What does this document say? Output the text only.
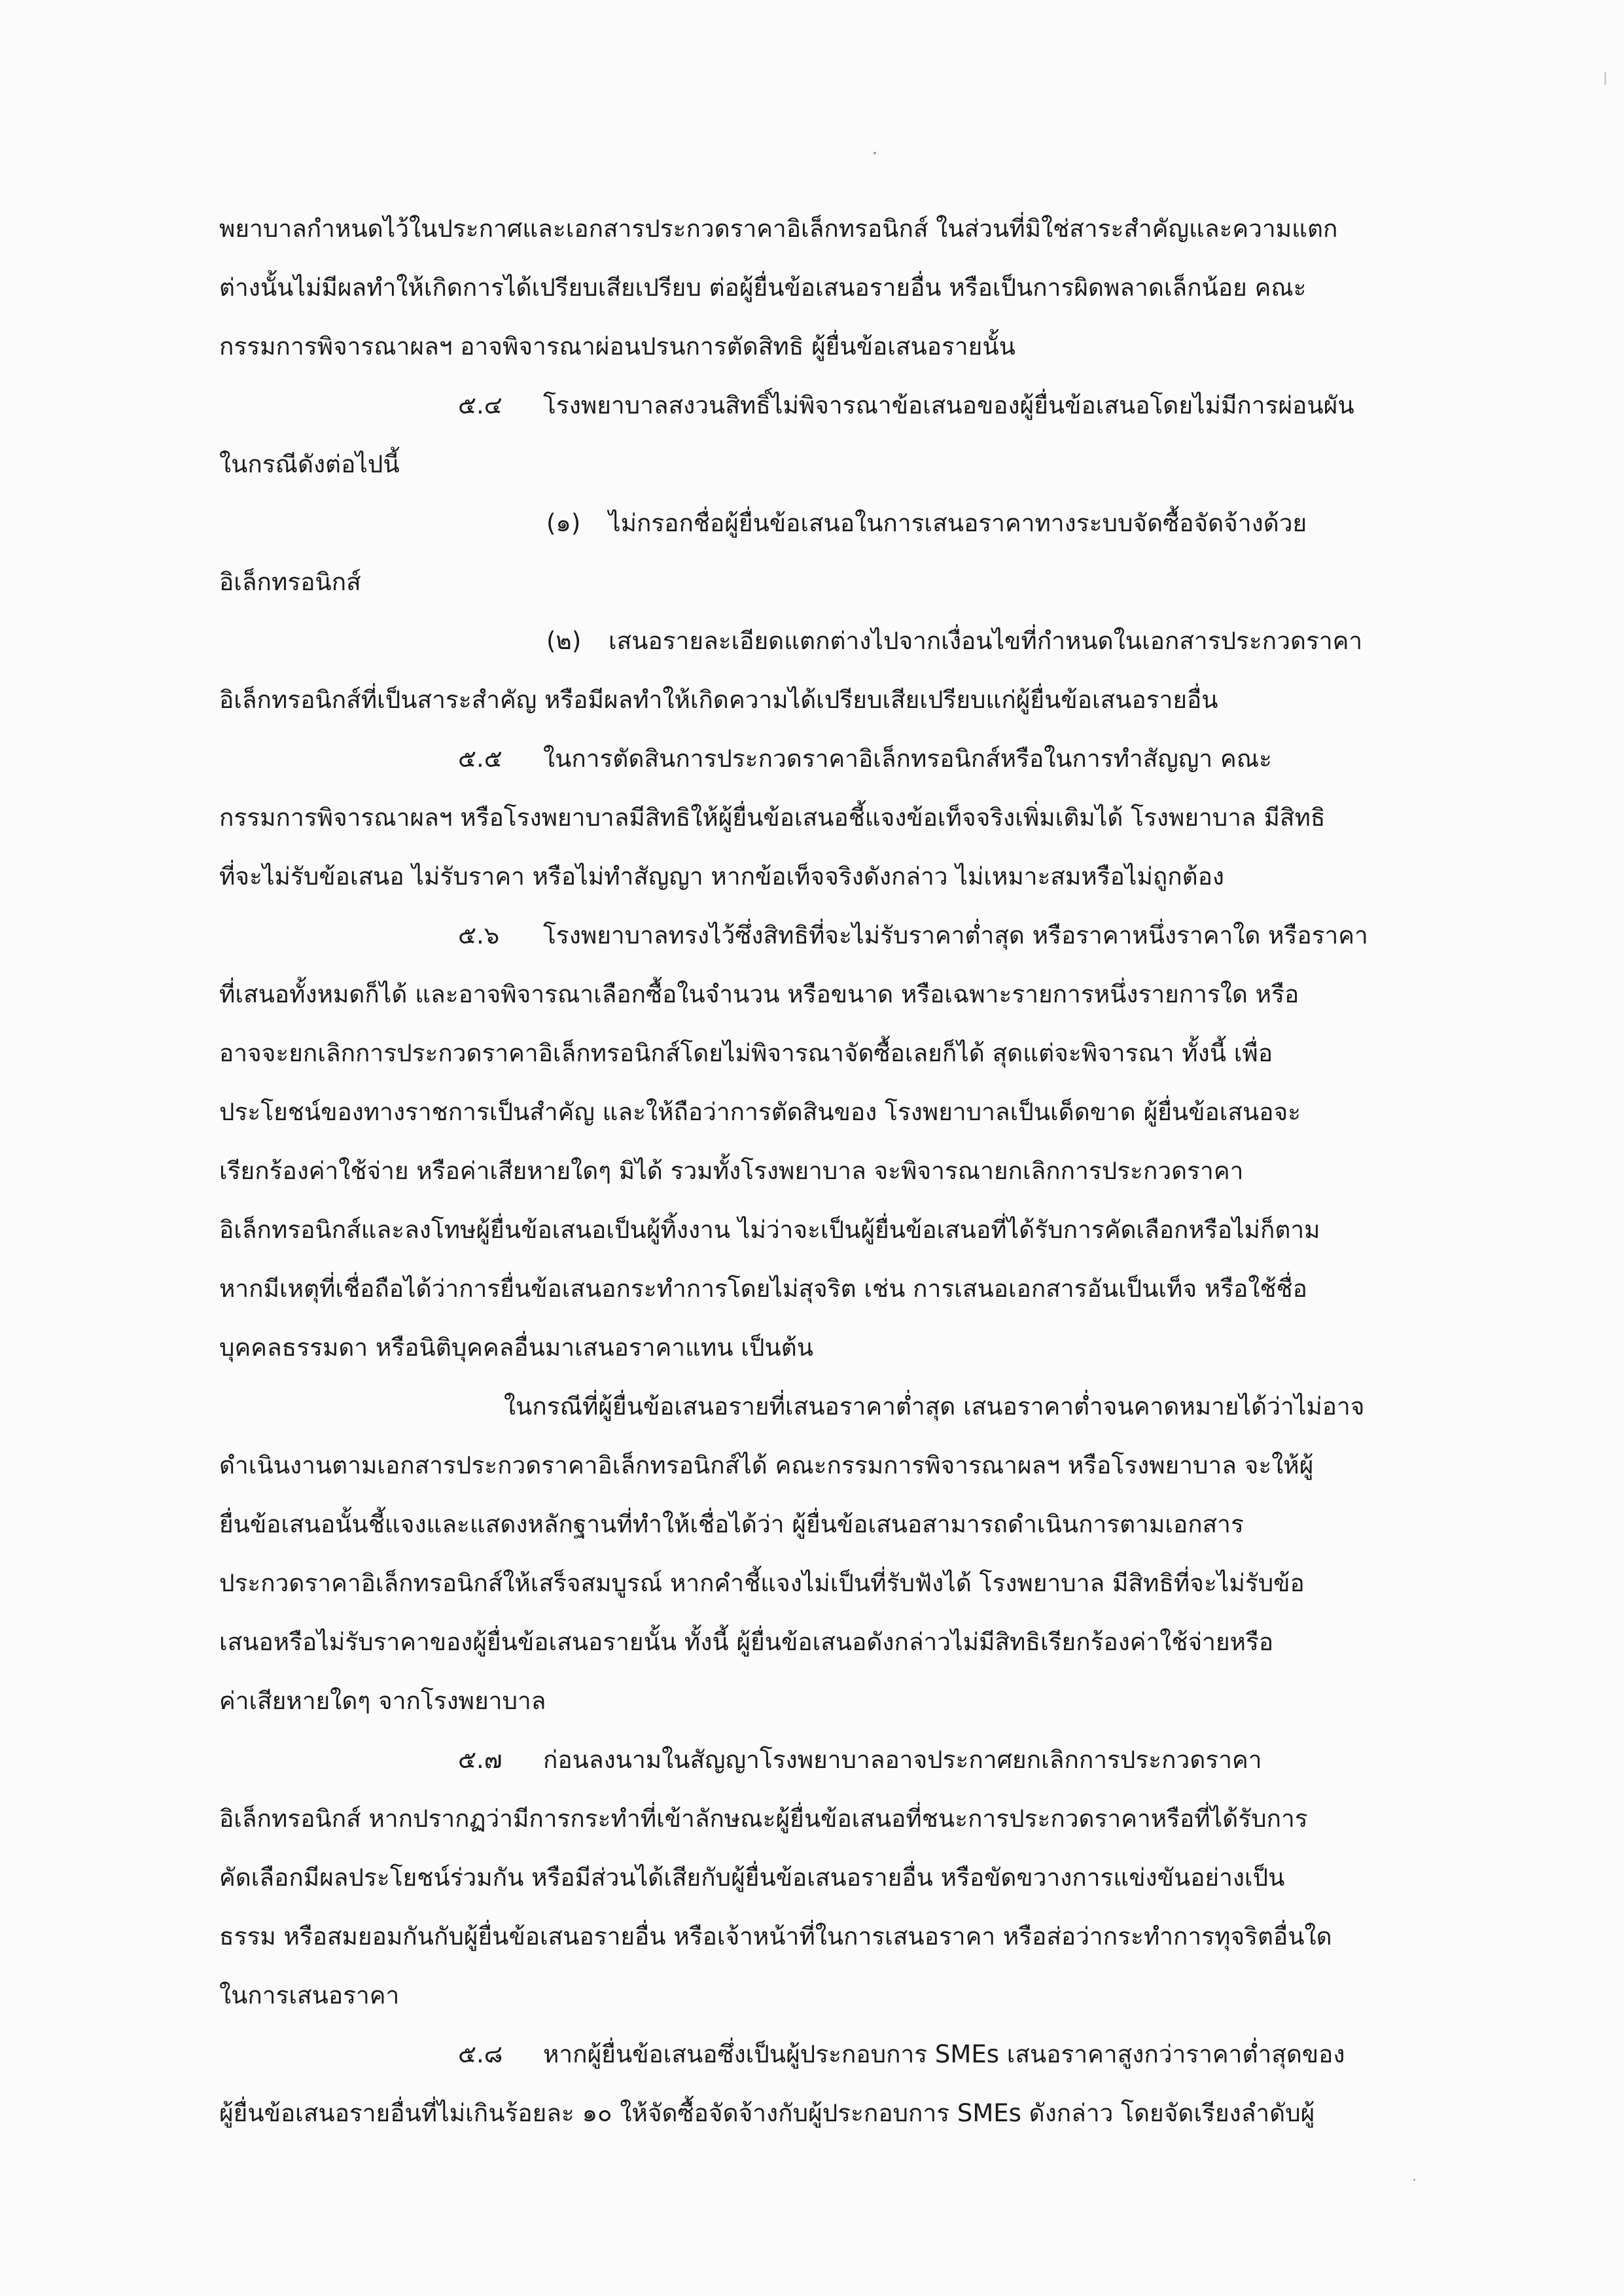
พยาบาลกำหนดไว้ในประกาศและเอกสารประกวดราคาอิเล็กทรอนิกส์ ในส่วนที่มิใช่สาระสำคัญและความแตก
ต่างนั้นไม่มีผลทำให้เกิดการได้เปรียบเสียเปรียบ ต่อผู้ยื่นข้อเสนอรายอื่น หรือเป็นการผิดพลาดเล็กน้อย คณะ
กรรมการพิจารณาผลฯ อาจพิจารณาผ่อนปรนการตัดสิทธิ ผู้ยื่นข้อเสนอรายนั้น
๕.๔ โรงพยาบาลสงวนสิทธิ์ไม่พิจารณาข้อเสนอของผู้ยื่นข้อเสนอโดยไม่มีการผ่อนผัน
ในกรณีดังต่อไปนี้
(๑) ไม่กรอกชื่อผู้ยื่นข้อเสนอในการเสนอราคาทางระบบจัดซื้อจัดจ้างด้วย
อิเล็กทรอนิกส์
(๒) เสนอรายละเอียดแตกต่างไปจากเงื่อนไขที่กำหนดในเอกสารประกวดราคา
อิเล็กทรอนิกส์ที่เป็นสาระสำคัญ หรือมีผลทำให้เกิดความได้เปรียบเสียเปรียบแก่ผู้ยื่นข้อเสนอรายอื่น
๕.๕ ในการตัดสินการประกวดราคาอิเล็กทรอนิกส์หรือในการทำสัญญา คณะ
กรรมการพิจารณาผลฯ หรือโรงพยาบาลมีสิทธิให้ผู้ยื่นข้อเสนอชี้แจงข้อเท็จจริงเพิ่มเติมได้ โรงพยาบาล มีสิทธิ
ที่จะไม่รับข้อเสนอ ไม่รับราคา หรือไม่ทำสัญญา หากข้อเท็จจริงดังกล่าว ไม่เหมาะสมหรือไม่ถูกต้อง
๕.๖ โรงพยาบาลทรงไว้ซึ่งสิทธิที่จะไม่รับราคาต่ำสุด หรือราคาหนึ่งราคาใด หรือราคา
ที่เสนอทั้งหมดก็ได้ และอาจพิจารณาเลือกซื้อในจำนวน หรือขนาด หรือเฉพาะรายการหนึ่งรายการใด หรือ
อาจจะยกเลิกการประกวดราคาอิเล็กทรอนิกส์โดยไม่พิจารณาจัดซื้อเลยก็ได้ สุดแต่จะพิจารณา ทั้งนี้ เพื่อ
ประโยชน์ของทางราชการเป็นสำคัญ และให้ถือว่าการตัดสินของ โรงพยาบาลเป็นเด็ดขาด ผู้ยื่นข้อเสนอจะ
เรียกร้องค่าใช้จ่าย หรือค่าเสียหายใดๆ มิได้ รวมทั้งโรงพยาบาล จะพิจารณายกเลิกการประกวดราคา
อิเล็กทรอนิกส์และลงโทษผู้ยื่นข้อเสนอเป็นผู้ทิ้งงาน ไม่ว่าจะเป็นผู้ยื่นข้อเสนอที่ได้รับการคัดเลือกหรือไม่ก็ตาม
หากมีเหตุที่เชื่อถือได้ว่าการยื่นข้อเสนอกระทำการโดยไม่สุจริต เช่น การเสนอเอกสารอันเป็นเท็จ หรือใช้ชื่อ
บุคคลธรรมดา หรือนิติบุคคลอื่นมาเสนอราคาแทน เป็นต้น
ในกรณีที่ผู้ยื่นข้อเสนอรายที่เสนอราคาต่ำสุด เสนอราคาต่ำจนคาดหมายได้ว่าไม่อาจ
ดำเนินงานตามเอกสารประกวดราคาอิเล็กทรอนิกส์ได้ คณะกรรมการพิจารณาผลฯ หรือโรงพยาบาล จะให้ผู้
ยื่นข้อเสนอนั้นชี้แจงและแสดงหลักฐานที่ทำให้เชื่อได้ว่า ผู้ยื่นข้อเสนอสามารถดำเนินการตามเอกสาร
ประกวดราคาอิเล็กทรอนิกส์ให้เสร็จสมบูรณ์ หากคำชี้แจงไม่เป็นที่รับฟังได้ โรงพยาบาล มีสิทธิที่จะไม่รับข้อ
เสนอหรือไม่รับราคาของผู้ยื่นข้อเสนอรายนั้น ทั้งนี้ ผู้ยื่นข้อเสนอดังกล่าวไม่มีสิทธิเรียกร้องค่าใช้จ่ายหรือ
ค่าเสียหายใดๆ จากโรงพยาบาล
๕.๗ ก่อนลงนามในสัญญาโรงพยาบาลอาจประกาศยกเลิกการประกวดราคา
อิเล็กทรอนิกส์ หากปรากฏว่ามีการกระทำที่เข้าลักษณะผู้ยื่นข้อเสนอที่ชนะการประกวดราคาหรือที่ได้รับการ
คัดเลือกมีผลประโยชน์ร่วมกัน หรือมีส่วนได้เสียกับผู้ยื่นข้อเสนอรายอื่น หรือขัดขวางการแข่งขันอย่างเป็น
ธรรม หรือสมยอมกันกับผู้ยื่นข้อเสนอรายอื่น หรือเจ้าหน้าที่ในการเสนอราคา หรือส่อว่ากระทำการทุจริตอื่นใด
ในการเสนอราคา
๕.๘ หากผู้ยื่นข้อเสนอซึ่งเป็นผู้ประกอบการ SMEs เสนอราคาสูงกว่าราคาต่ำสุดของ
ผู้ยื่นข้อเสนอรายอื่นที่ไม่เกินร้อยละ ๑๐ ให้จัดซื้อจัดจ้างกับผู้ประกอบการ SMEs ดังกล่าว โดยจัดเรียงลำดับผู้
